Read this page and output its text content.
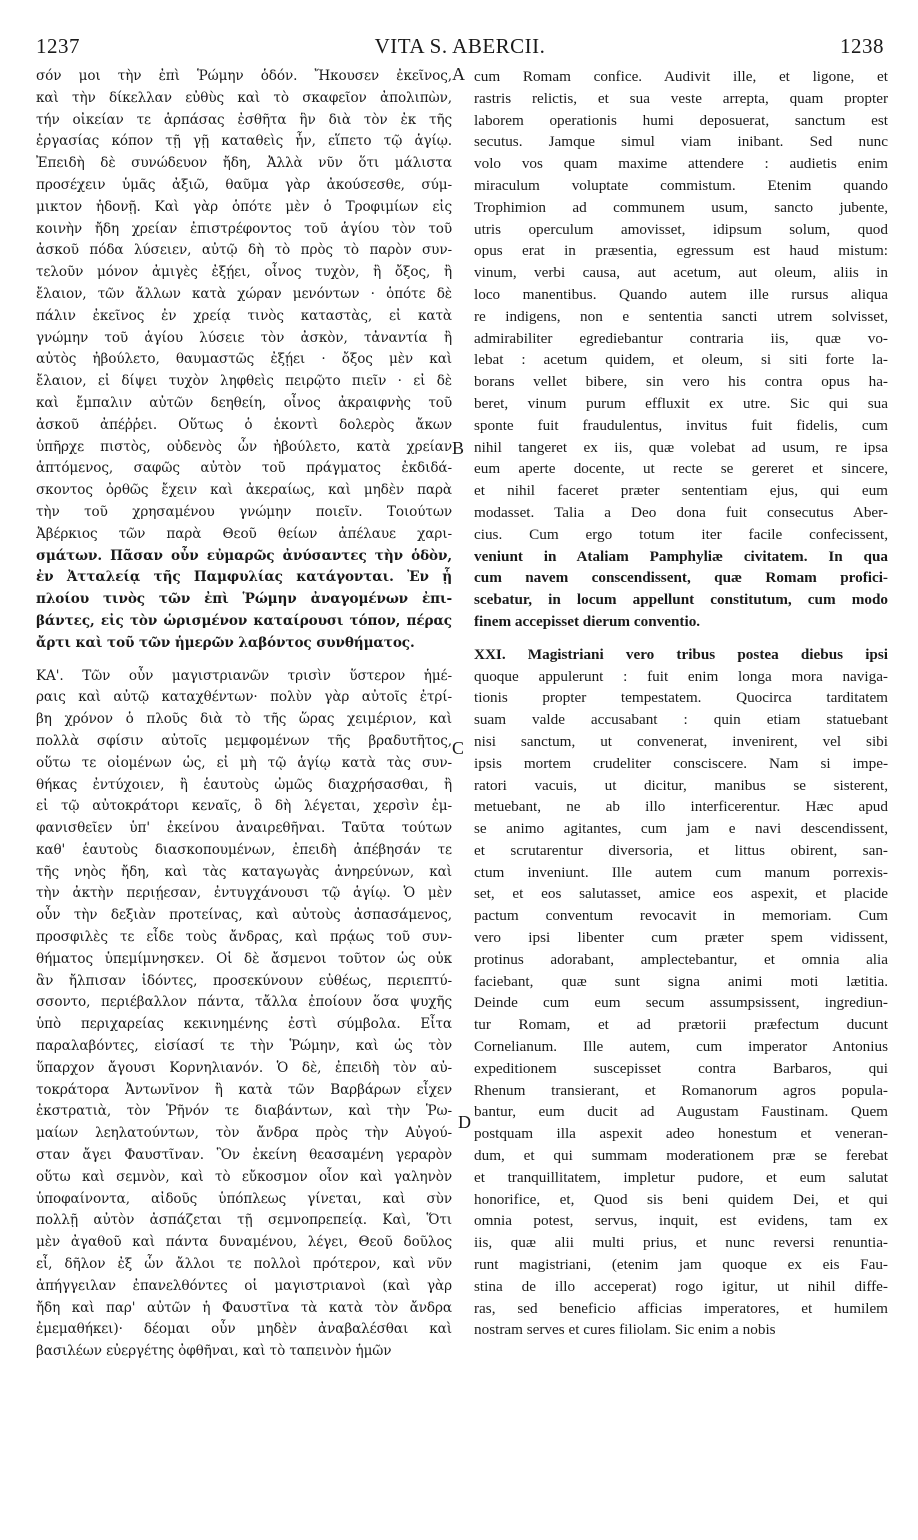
1237	VITA S. ABERCII.	1238
σόν μοι τὴν ἐπὶ Ῥώμην ὁδόν. Ἤκουσεν ἐκεῖνος,
καὶ τὴν δίκελλαν εὐθὺς καὶ τὸ σκαφεῖον ἀπολιπὼν,
τήν οἰκείαν τε ἁρπάσας ἐσθῆτα ἣν διὰ τὸν ἐκ τῆς
ἐργασίας κόπον τῇ γῇ καταθεὶς ἦν, εἵπετο τῷ ἁγίῳ.
Ἐπειδὴ δὲ συνώδευον ἤδη, Ἀλλὰ νῦν ὅτι μάλιστα
προσέχειν ὑμᾶς ἀξιῶ, θαῦμα γὰρ ἀκούσεσθε, σύμ-
μικτον ἡδονῇ. Καὶ γὰρ ὁπότε μὲν ὁ Τροφιμίων εἰς
κοινὴν ἤδη χρείαν ἐπιστρέφοντος τοῦ ἁγίου τὸν τοῦ
ἀσκοῦ πόδα λύσειεν, αὐτῷ δὴ τὸ πρὸς τὸ παρὸν συν-
τελοῦν μόνον ἀμιγὲς ἐξῄει, οἶνος τυχὸν, ἢ ὄξος, ἢ
ἔλαιον, τῶν ἄλλων κατὰ χώραν μενόντων · ὁπότε δὲ
πάλιν ἐκεῖνος ἐν χρείᾳ τινὸς καταστὰς, εἰ κατὰ
γνώμην τοῦ ἁγίου λύσειε τὸν ἀσκὸν, τἀναντία ἢ
αὐτὸς ἠβούλετο, θαυμαστῶς ἐξῄει · ὄξος μὲν καὶ
ἔλαιον, εἰ δίψει τυχὸν ληφθεὶς πειρῷτο πιεῖν · εἰ δὲ
καὶ ἔμπαλιν αὐτῶν δεηθείη, οἶνος ἀκραιφνὴς τοῦ
ἀσκοῦ ἀπέῤῥει. Οὕτως ὁ ἑκοντὶ δολερὸς ἄκων
ὑπῆρχε πιστὸς, οὐδενὸς ὧν ἠβούλετο, κατὰ χρείαν
ἁπτόμενος, σαφῶς αὐτὸν τοῦ πράγματος ἐκδιδά-
σκοντος ὀρθῶς ἔχειν καὶ ἀκεραίως, καὶ μηδὲν παρὰ
τὴν τοῦ χρησαμένου γνώμην ποιεῖν. Τοιούτων
Ἀβέρκιος τῶν παρὰ Θεοῦ θείων ἀπέλαυε χαρι-
σμάτων. Πᾶσαν οὖν εὐμαρῶς ἀνύσαντες τὴν ὁδὸν,
ἐν Ἀτταλείᾳ τῆς Παμφυλίας κατάγονται. Ἐν ᾗ
πλοίου τινὸς τῶν ἐπὶ Ῥώμην ἀναγομένων ἐπι-
βάντες, εἰς τὸν ὡρισμένον καταίρουσι τόπον, πέρας
ἄρτι καὶ τοῦ τῶν ἡμερῶν λαβόντος συνθήματος.
ΚΑ'. Τῶν οὖν μαγιστριανῶν τρισὶν ὕστερον ἡμέ-
ραις καὶ αὐτῷ καταχθέντων· πολὺν γὰρ αὐτοῖς ἐτρί-
βη χρόνον ὁ πλοῦς διὰ τὸ τῆς ὥρας χειμέριον, καὶ
πολλὰ σφίσιν αὐτοῖς μεμφομένων τῆς βραδυτῆτος,
οὕτω τε οἰομένων ὡς, εἰ μὴ τῷ ἁγίῳ κατὰ τὰς συν-
θήκας ἐντύχοιεν, ἢ ἑαυτοὺς ὠμῶς διαχρήσασθαι, ἢ
εἰ τῷ αὐτοκράτορι κεναῖς, ὃ δὴ λέγεται, χερσὶν ἐμ-
φανισθεῖεν ὑπ' ἐκείνου ἀναιρεθῆναι. Ταῦτα τούτων
καθ' ἑαυτοὺς διασκοπουμένων, ἐπειδὴ ἀπέβησάν τε
τῆς νηὸς ἤδη, καὶ τὰς καταγωγὰς ἀνηρεύνων, καὶ
τὴν ἀκτὴν περιῄεσαν, ἐντυγχάνουσι τῷ ἁγίῳ. Ὁ μὲν
οὖν τὴν δεξιὰν προτείνας, καὶ αὐτοὺς ἀσπασάμενος,
προσφιλὲς τε εἶδε τοὺς ἄνδρας, καὶ πρᾴως τοῦ συν-
θήματος ὑπεμίμνησκεν. Οἱ δὲ ἄσμενοι τοῦτον ὡς οὐκ
ἂν ἤλπισαν ἰδόντες, προσεκύνουν εὐθέως, περιεπτύ-
σσοντο, περιέβαλλον πάντα, τἄλλα ἐποίουν ὅσα ψυχῆς
ὑπὸ περιχαρείας κεκινημένης ἐστὶ σύμβολα. Εἶτα
παραλαβόντες, εἰσίασί τε τὴν Ῥώμην, καὶ ὡς τὸν
ὕπαρχον ἄγουσι Κορνηλιανόν. Ὁ δὲ, ἐπειδὴ τὸν αὐ-
τοκράτορα Ἀντωνῖνον ἢ κατὰ τῶν Βαρβάρων εἶχεν
ἐκστρατιὰ, τὸν Ῥῆνόν τε διαβάντων, καὶ τὴν Ῥω-
μαίων λεηλατούντων, τὸν ἄνδρα πρὸς τὴν Αὐγού-
σταν ἄγει Φαυστῖναν. Ὃν ἐκείνη θεασαμένη γεραρὸν
οὕτω καὶ σεμνὸν, καὶ τὸ εὔκοσμον οἷον καὶ γαληνὸν
ὑποφαίνοντα, αἰδοῦς ὑπόπλεως γίνεται, καὶ σὺν
πολλῇ αὐτὸν ἀσπάζεται τῇ σεμνοπρεπείᾳ. Καὶ, Ὅτι
μὲν ἀγαθοῦ καὶ πάντα δυναμένου, λέγει, Θεοῦ δοῦλος
εἶ, δῆλον ἐξ ὧν ἄλλοι τε πολλοὶ πρότερον, καὶ νῦν
ἀπήγγειλαν ἐπανελθόντες οἱ μαγιστριανοὶ (καὶ γὰρ
ἤδη καὶ παρ' αὐτῶν ἡ Φαυστῖνα τὰ κατὰ τὸν ἄνδρα
ἐμεμαθήκει)· δέομαι οὖν μηδὲν ἀναβαλέσθαι καὶ
βασιλέων εὐεργέτης ὀφθῆναι, καὶ τὸ ταπεινὸν ἡμῶν
cum Romam confice. Audivit ille, et ligone, et
rastris relictis, et sua veste arrepta, quam propter
laborem operationis humi deposuerat, sanctum est
secutus. Jamque simul viam inibant. Sed nunc
volo vos quam maxime attendere : audietis enim
miraculum voluptate commistum. Etenim quando
Trophimion ad communem usum, sancto jubente,
utris operculum amovisset, idipsum solum, quod
opus erat in præsentia, egressum est haud mistum:
vinum, verbi causa, aut acetum, aut oleum, aliis in
loco manentibus. Quando autem ille rursus aliqua
re indigens, non e sententia sancti utrem solvisset,
admirabiliter egrediebantur contraria iis, quæ vo-
lebat : acetum quidem, et oleum, si siti forte la-
borans vellet bibere, sin vero his contra opus ha-
beret, vinum purum effluxit ex utre. Sic qui sua
sponte fuit fraudulentus, invitus fuit fidelis, cum
nihil tangeret ex iis, quæ volebat ad usum, re ipsa
eum aperte docente, ut recte se gereret et sincere,
et nihil faceret præter sententiam ejus, qui eum
modasset. Talia a Deo dona fuit consecutus Aber-
cius. Cum ergo totum iter facile confecissent,
veniunt in Ataliam Pamphyliæ civitatem. In qua
cum navem conscendissent, quæ Romam profici-
scebatur, in locum appellunt constitutum, cum modo
finem accepisset dierum conventio.
XXI. Magistriani vero tribus postea diebus ipsi
quoque appulerunt : fuit enim longa mora naviga-
tionis propter tempestatem. Quocirca tarditatem
suam valde accusabant : quin etiam statuebant
nisi sanctum, ut convenerat, invenirent, vel sibi
ipsis mortem crudeliter consciscere. Nam si impe-
ratori vacuis, ut dicitur, manibus se sisterent,
metuebant, ne ab illo interficerentur. Hæc apud
se animo agitantes, cum jam e navi descendissent,
et scrutarentur diversoria, et littus obirent, san-
ctum inveniunt. Ille autem cum manum porrexis-
set, et eos salutasset, amice eos aspexit, et placide
pactum conventum revocavit in memoriam. Cum
vero ipsi libenter cum præter spem vidissent,
protinus adorabant, amplectebantur, et omnia alia
faciebant, quæ sunt signa animi moti lætitia.
Deinde cum eum secum assumpsissent, ingrediun-
tur Romam, et ad prætorii præfectum ducunt
Cornelianum. Ille autem, cum imperator Antonius
expeditionem suscepisset contra Barbaros, qui
Rhenum transierant, et Romanorum agros popula-
bantur, eum ducit ad Augustam Faustinam. Quem
postquam illa aspexit adeo honestum et veneran-
dum, et qui summam moderationem præ se ferebat
et tranquillitatem, impletur pudore, et eum salutat
honorifice, et, Quod sis beni quidem Dei, et qui
omnia potest, servus, inquit, est evidens, tam ex
iis, quæ alii multi prius, et nunc reversi renuntia-
runt magistriani, (etenim jam quoque ex eis Fau-
stina de illo acceperat) rogo igitur, ut nihil diffe-
ras, sed beneficio afficias imperatores, et humilem
nostram serves et cures filiolam. Sic enim a nobis
A
B
C
D
